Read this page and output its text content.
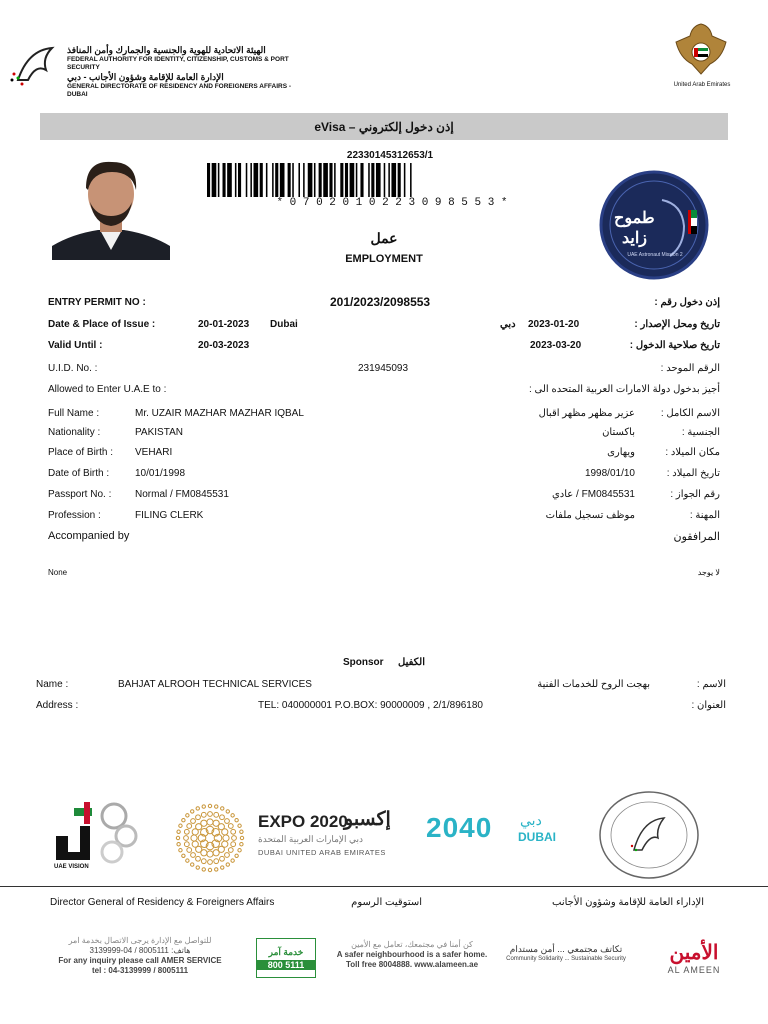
الهيئة الاتحادية للهوية والجنسية والجمارك وأمن المنافذ
FEDERAL AUTHORITY FOR IDENTITY, CITIZENSHIP, CUSTOMS & PORT SECURITY
الإدارة العامة للإقامة وشؤون الأجانب - دبي
GENERAL DIRECTORATE OF RESIDENCY AND FOREIGNERS AFFAIRS - DUBAI
United Arab Emirates
eVisa – إذن دخول إلكتروني
22330145312653/1
* 0 7 0 2 0 1 0 2 2 3 0 9 8 5 5 3 *
طموح
زايد
UAE Astronaut Mission 2
عمل
EMPLOYMENT
ENTRY PERMIT NO :	201/2023/2098553	إذن دخول رقم :
Date & Place of Issue :	20-01-2023 Dubai	دبي 2023-01-20	تاريخ ومحل الإصدار :
Valid Until :	20-03-2023	2023-03-20	تاريخ صلاحية الدخول :
U.I.D. No. :	231945093	الرقم الموحد :
Allowed to Enter U.A.E to :	أجيز بدخول دولة الامارات العربية المتحده الى :
Full Name :	Mr. UZAIR MAZHAR MAZHAR IQBAL	عزير مظهر مظهر اقبال	الاسم الكامل :
Nationality :	PAKISTAN	باكستان	الجنسية :
Place of Birth : VEHARI	ويهارى	مكان الميلاد :
Date of Birth :	10/01/1998	1998/01/10	تاريخ الميلاد :
Passport No. : Normal / FM0845531	FM0845531 / عادي	رقم الجواز :
Profession :	FILING CLERK	موظف تسجيل ملفات	المهنة :
Accompanied by	المرافقون
None	لا يوجد
Sponsor الكفيل
Name :	BAHJAT ALROOH TECHNICAL SERVICES	بهجت الروح للخدمات الفنية	الاسم :
Address :	TEL: 040000001 P.O.BOX: 90000009 , 2/1/896180	العنوان :
UAE VISION
EXPO 2020
إكسبو
دبي الإمارات العربية المتحدة
DUBAI UNITED ARAB EMIRATES
2040 دبي
DUBAI
Director General of Residency & Foreigners Affairs	استوقيت الرسوم	الإداراء العامة للإقامة وشؤون الأجانب
للتواصل مع الإدارة يرجى الاتصال بخدمة امر
هاتف: 8005111 / 04-3139999
For any inquiry please call AMER SERVICE
tel : 04-3139999 / 8005111
خدمة آمر
800 5111
كن أمنا في مجتمعك، تعامل مع الأمين
A safer neighbourhood is a safer home.
Toll free 8004888. www.alameen.ae
تكاتف مجتمعي ... أمن مستدام
Community Solidarity ... Sustainable Security	الأمين
AL AMEEN
